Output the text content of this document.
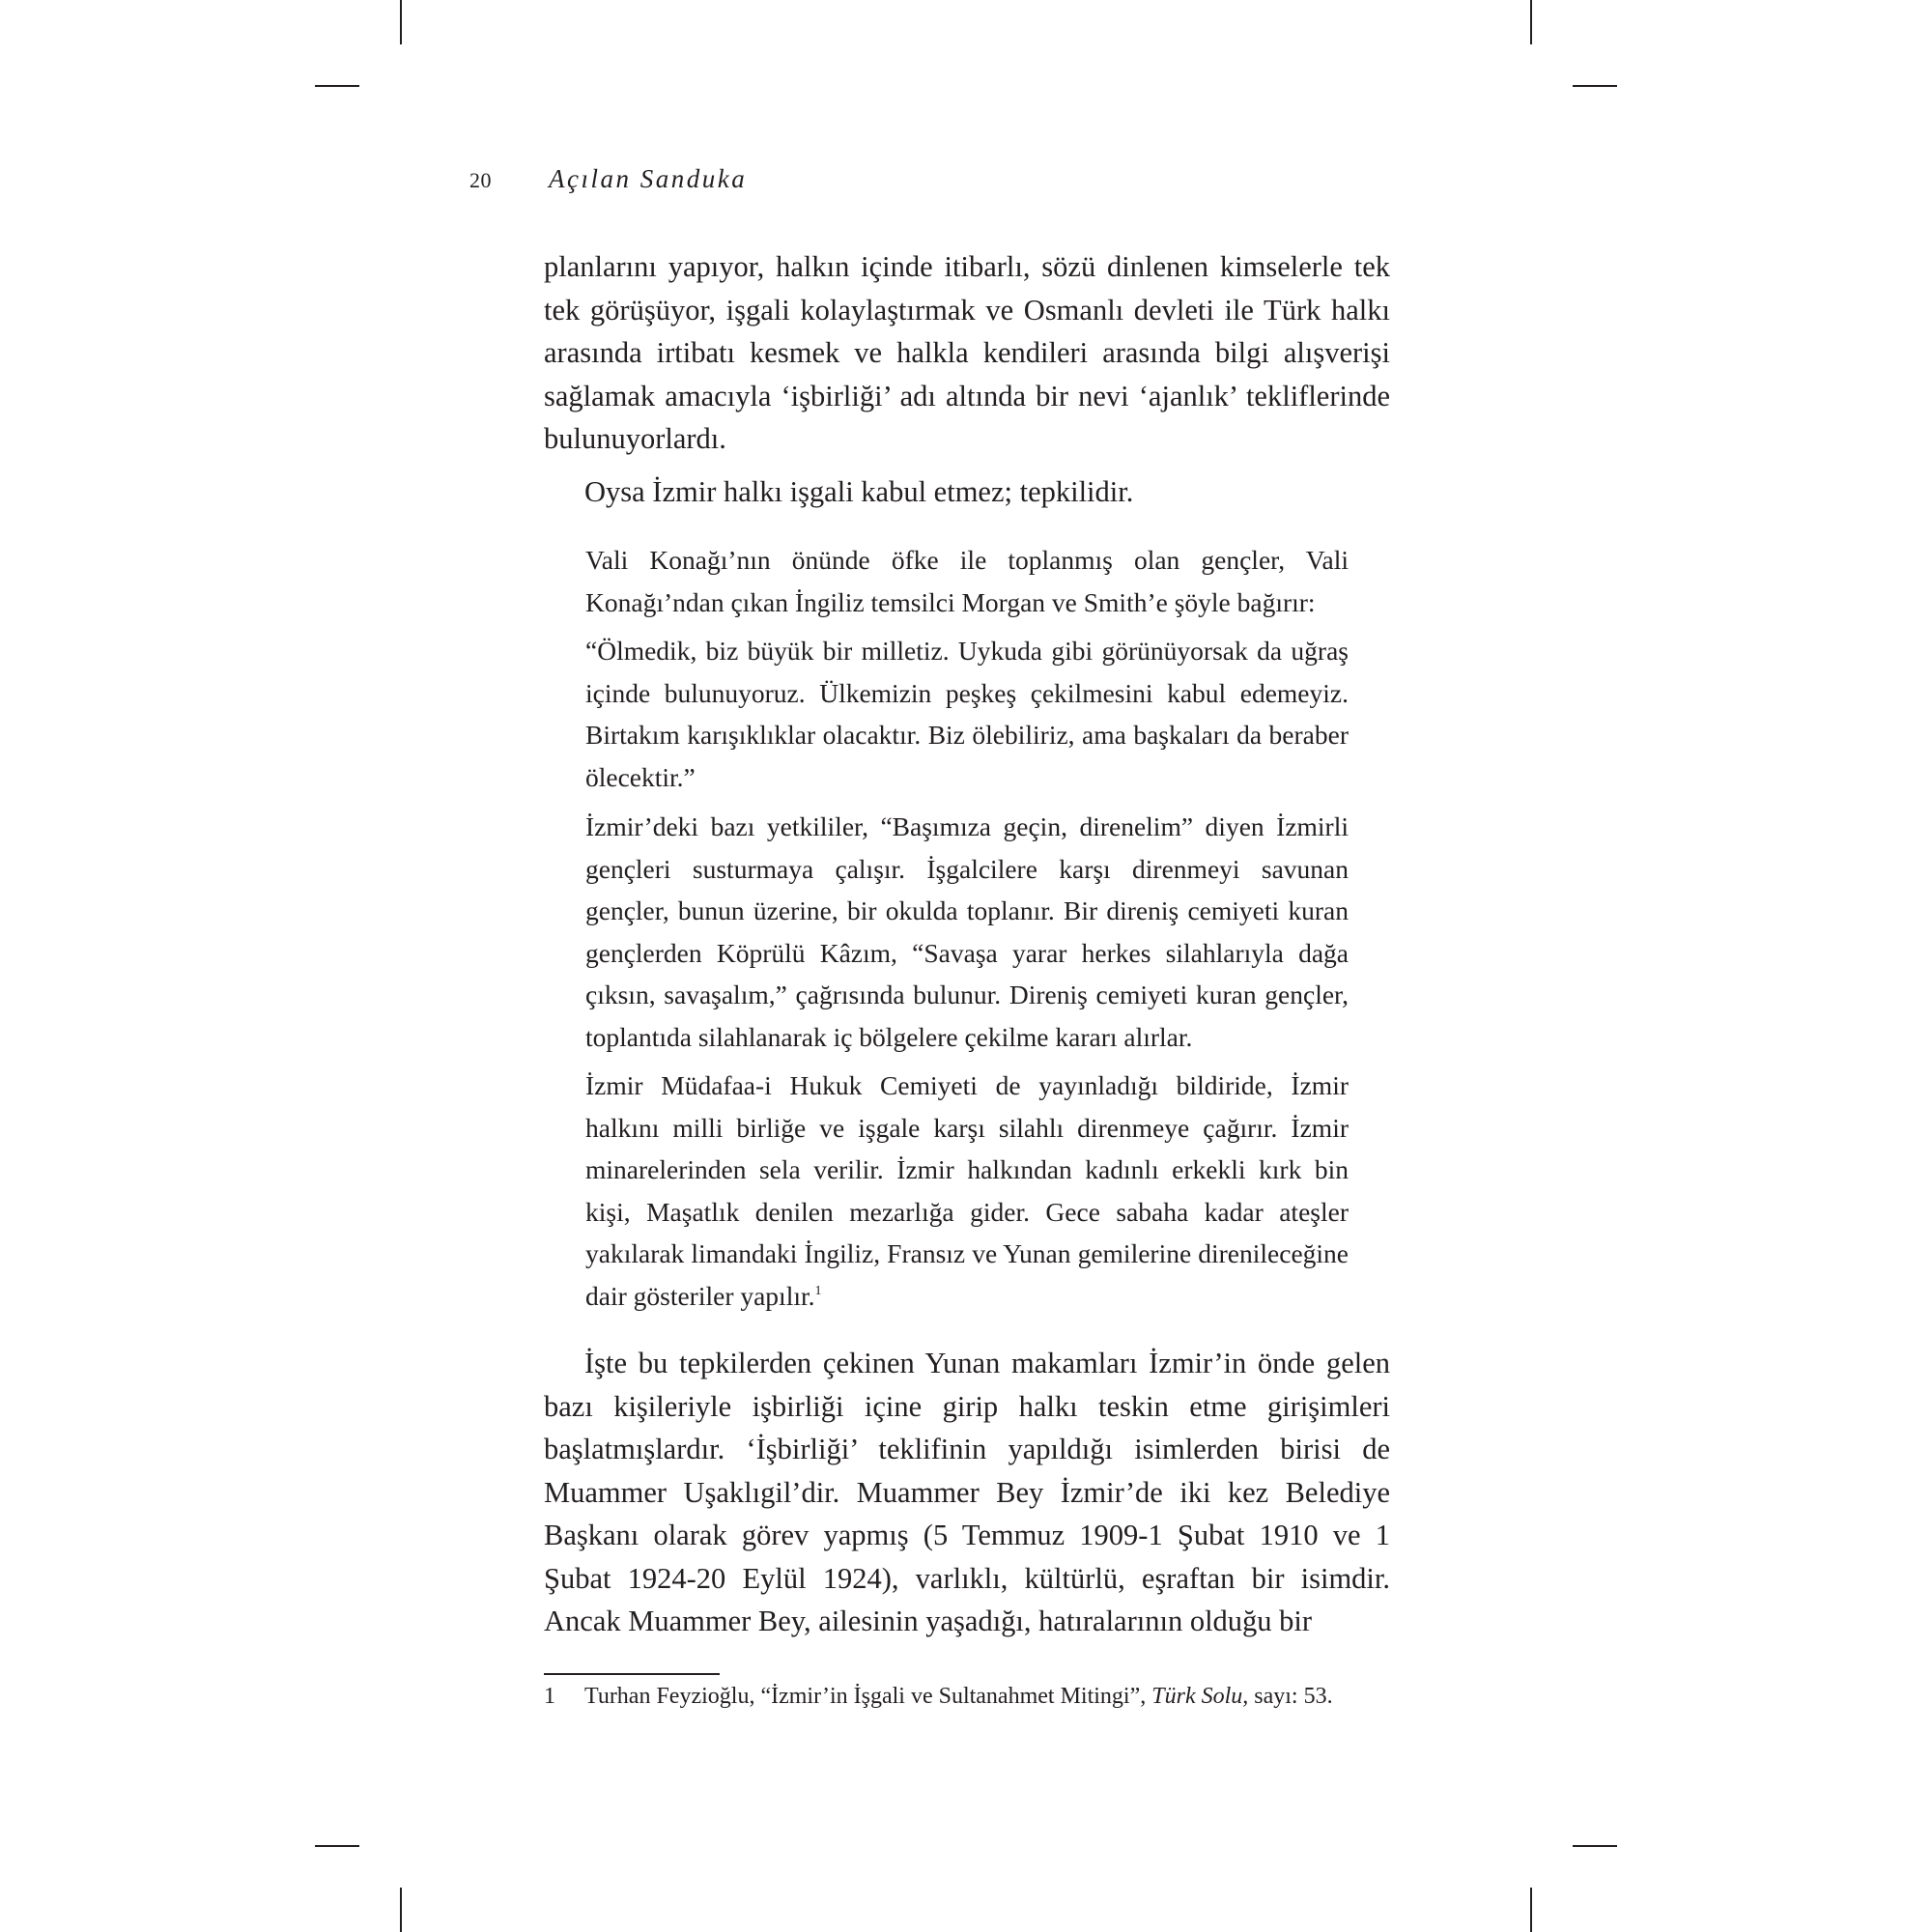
20 Açılan Sanduka

planlarını yapıyor, halkın içinde itibarlı, sözü dinlenen kimselerle tek tek görüşüyor, işgali kolaylaştırmak ve Osmanlı devleti ile Türk halkı arasında irtibatı kesmek ve halkla kendileri arasında bilgi alışverişi sağlamak amacıyla ‘işbirliği’ adı altında bir nevi ‘ajanlık’ tekliflerinde bulunuyorlardı.

Oysa İzmir halkı işgali kabul etmez; tepkilidir.

Vali Konağı’nın önünde öfke ile toplanmış olan gençler, Vali Konağı’ndan çıkan İngiliz temsilci Morgan ve Smith’e şöyle bağırır:

“Ölmedik, biz büyük bir milletiz. Uykuda gibi görünüyorsak da uğraş içinde bulunuyoruz. Ülkemizin peşkeş çekilmesini kabul edemeyiz. Birtakım karışıklıklar olacaktır. Biz ölebiliriz, ama başkaları da beraber ölecektir.”

İzmir’deki bazı yetkililer, “Başımıza geçin, direnelim” diyen İzmirli gençleri susturmaya çalışır. İşgalcilere karşı direnmeyi savunan gençler, bunun üzerine, bir okulda toplanır. Bir direniş cemiyeti kuran gençlerden Köprülü Kâzım, “Savaşa yarar herkes silahlarıyla dağa çıksın, savaşalım,” çağrısında bulunur. Direniş cemiyeti kuran gençler, toplantıda silahlanarak iç bölgelere çekilme kararı alırlar.

İzmir Müdafaa-i Hukuk Cemiyeti de yayınladığı bildiride, İzmir halkını milli birliğe ve işgale karşı silahlı direnmeye çağırır. İzmir minarelerinden sela verilir. İzmir halkından kadınlı erkekli kırk bin kişi, Maşatlık denilen mezarlığa gider. Gece sabaha kadar ateşler yakılarak limandaki İngiliz, Fransız ve Yunan gemilerine direnileceğine dair gösteriler yapılır.$^1$

İşte bu tepkilerden çekinen Yunan makamları İzmir’in önde gelen bazı kişileriyle işbirliği içine girip halkı teskin etme girişimleri başlatmışlardır. ‘İşbirliği’ teklifinin yapıldığı isimlerden birisi de Muammer Uşaklıgil’dir. Muammer Bey İzmir’de iki kez Belediye Başkanı olarak görev yapmış (5 Temmuz 1909-1 Şubat 1910 ve 1 Şubat 1924-20 Eylül 1924), varlıklı, kültürlü, eşraftan bir isimdir. Ancak Muammer Bey, ailesinin yaşadığı, hatıralarının olduğu bir

1 Turhan Feyzioğlu, “İzmir’in İşgali ve Sultanahmet Mitingi”, Türk Solu, sayı: 53.
